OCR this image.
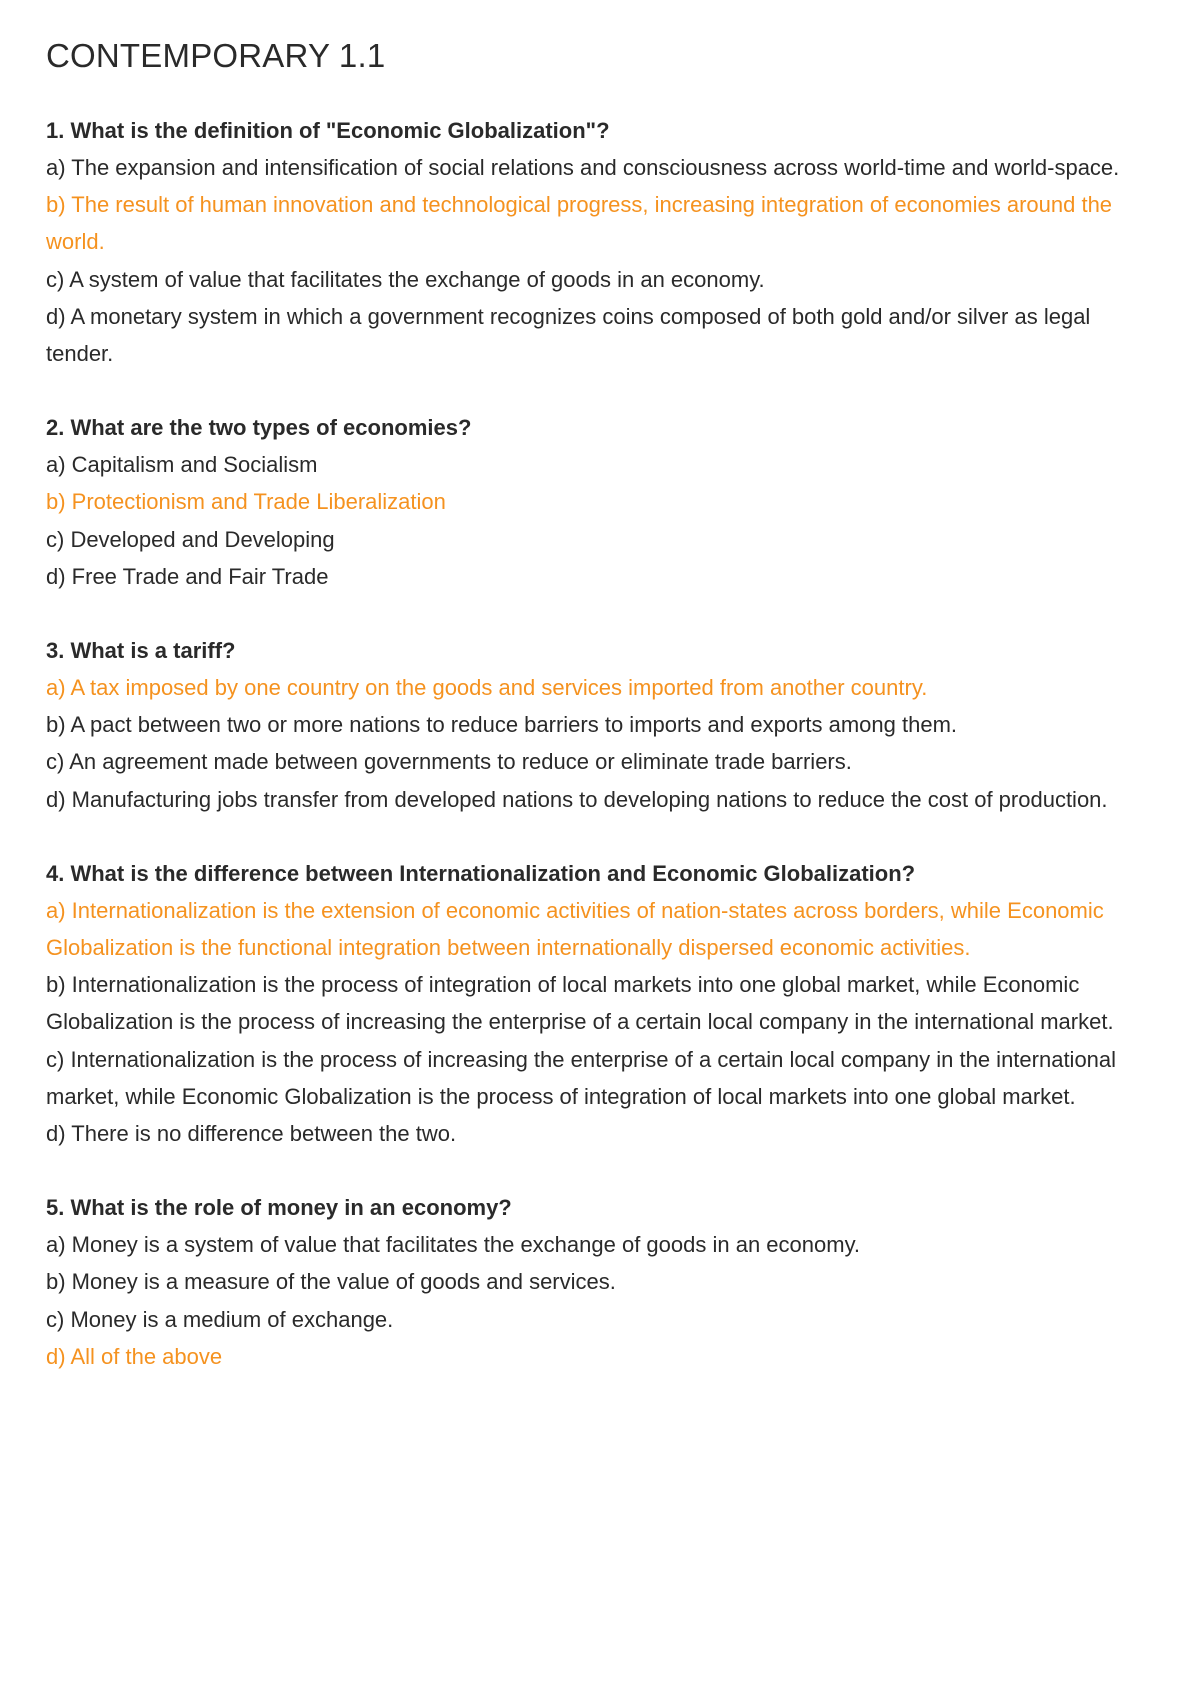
CONTEMPORARY 1.1

1. What is the definition of "Economic Globalization"?

a) The expansion and intensification of social relations and consciousness across world-time and world-space.

b) The result of human innovation and technological progress, increasing integration of economies around the world.

c) A system of value that facilitates the exchange of goods in an economy.

d) A monetary system in which a government recognizes coins composed of both gold and/or silver as legal tender.

2. What are the two types of economies?

a) Capitalism and Socialism

b) Protectionism and Trade Liberalization

c) Developed and Developing

d) Free Trade and Fair Trade

3. What is a tariff?

a) A tax imposed by one country on the goods and services imported from another country.

b) A pact between two or more nations to reduce barriers to imports and exports among them.

c) An agreement made between governments to reduce or eliminate trade barriers.

d) Manufacturing jobs transfer from developed nations to developing nations to reduce the cost of production.

4. What is the difference between Internationalization and Economic Globalization?

a) Internationalization is the extension of economic activities of nation-states across borders, while Economic Globalization is the functional integration between internationally dispersed economic activities.

b) Internationalization is the process of integration of local markets into one global market, while Economic Globalization is the process of increasing the enterprise of a certain local company in the international market.

c) Internationalization is the process of increasing the enterprise of a certain local company in the international market, while Economic Globalization is the process of integration of local markets into one global market.

d) There is no difference between the two.

5. What is the role of money in an economy?

a) Money is a system of value that facilitates the exchange of goods in an economy.

b) Money is a measure of the value of goods and services.

c) Money is a medium of exchange.

d) All of the above
